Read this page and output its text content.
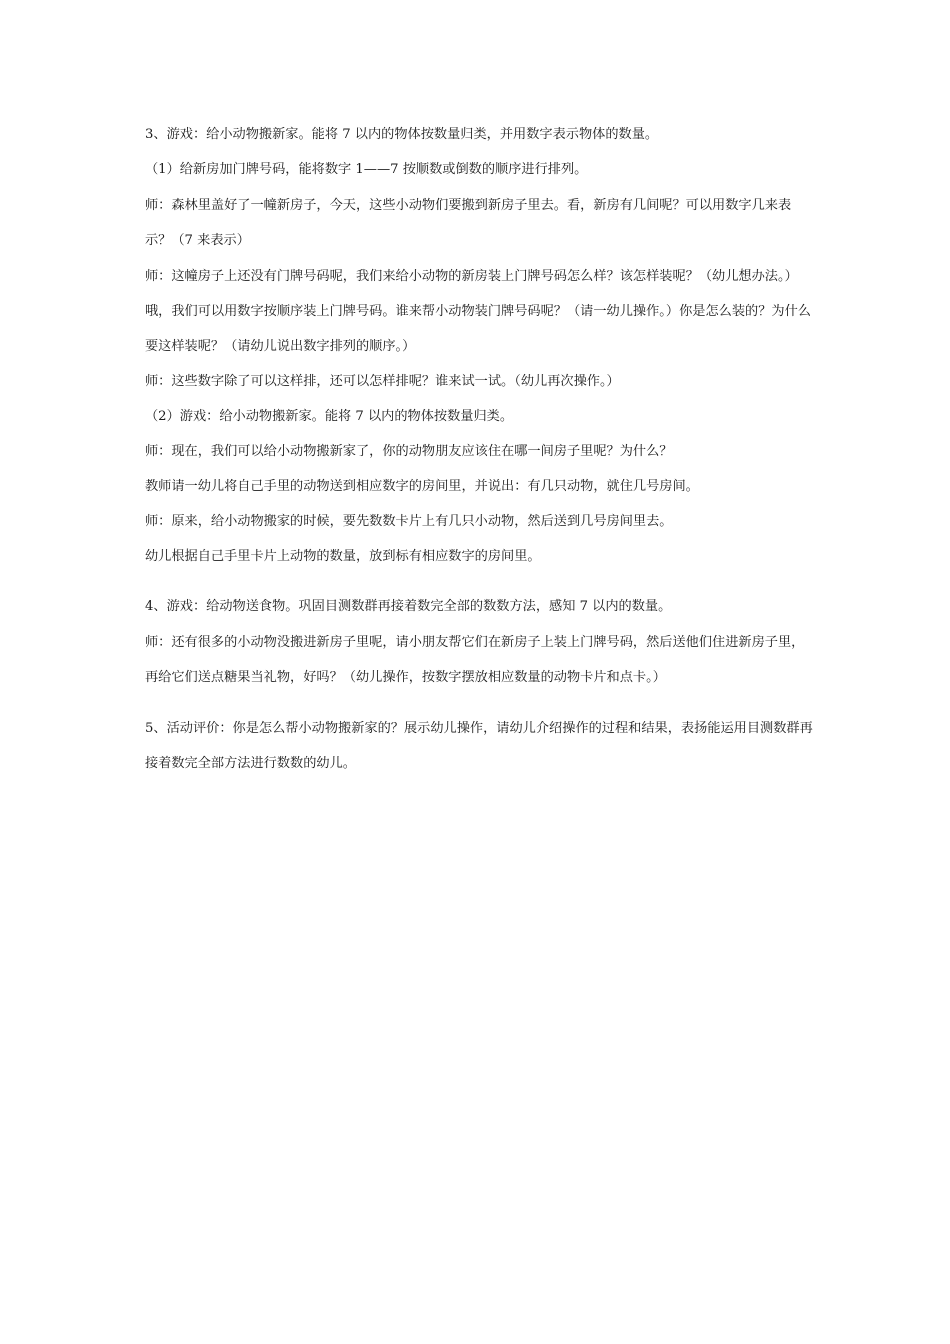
3、游戏：给小动物搬新家。能将 7 以内的物体按数量归类，并用数字表示物体的数量。

（1）给新房加门牌号码，能将数字 1——7 按顺数或倒数的顺序进行排列。

师：森林里盖好了一幢新房子，今天，这些小动物们要搬到新房子里去。看，新房有几间呢？可以用数字几来表示？（7 来表示）

师：这幢房子上还没有门牌号码呢，我们来给小动物的新房装上门牌号码怎么样？该怎样装呢？（幼儿想办法。）哦，我们可以用数字按顺序装上门牌号码。谁来帮小动物装门牌号码呢？（请一幼儿操作。）你是怎么装的？为什么要这样装呢？（请幼儿说出数字排列的顺序。）

师：这些数字除了可以这样排，还可以怎样排呢？谁来试一试。（幼儿再次操作。）

（2）游戏：给小动物搬新家。能将 7 以内的物体按数量归类。

师：现在，我们可以给小动物搬新家了，你的动物朋友应该住在哪一间房子里呢？为什么？

教师请一幼儿将自己手里的动物送到相应数字的房间里，并说出：有几只动物，就住几号房间。

师：原来，给小动物搬家的时候，要先数数卡片上有几只小动物，然后送到几号房间里去。

幼儿根据自己手里卡片上动物的数量，放到标有相应数字的房间里。

4、游戏：给动物送食物。巩固目测数群再接着数完全部的数数方法，感知 7 以内的数量。

师：还有很多的小动物没搬进新房子里呢，请小朋友帮它们在新房子上装上门牌号码，然后送他们住进新房子里，再给它们送点糖果当礼物，好吗？（幼儿操作，按数字摆放相应数量的动物卡片和点卡。）

5、活动评价：你是怎么帮小动物搬新家的？展示幼儿操作，请幼儿介绍操作的过程和结果，表扬能运用目测数群再接着数完全部方法进行数数的幼儿。
